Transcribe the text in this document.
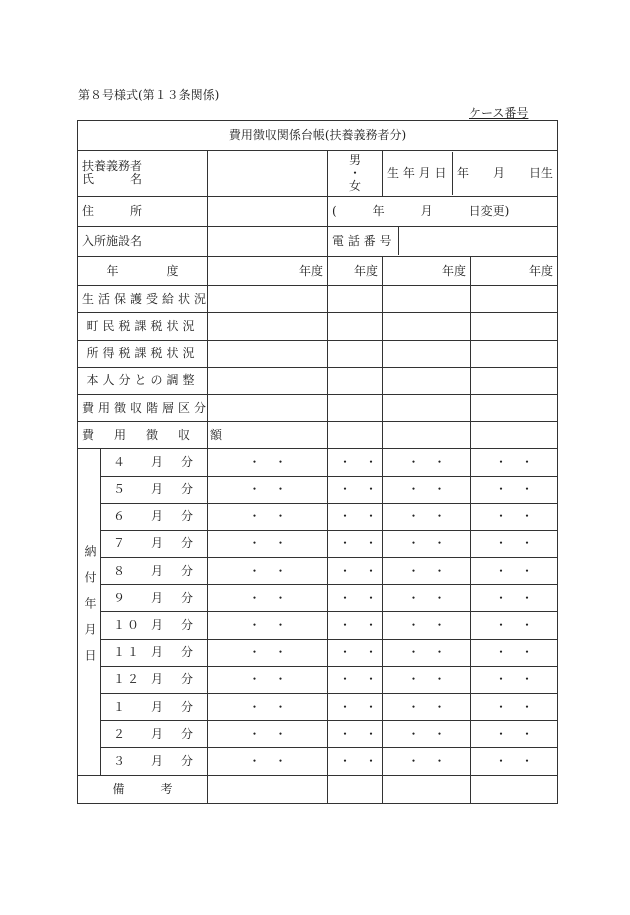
第８号様式(第１３条関係)
ケース番号
費用徴収関係台帳(扶養義務者分)					

扶養義務者
氏　　　名			男
・
女	生 年 月 日 年　　月　　日生	

住　　　所			(　　　年　　　月　　　日変更)		
入所施設名			電 話 番 号		

年　　　　度		年度	年度	年度	年度
生活保護受給状況					
町民税課税状況					
所得税課税状況					
本人分との調整					
費用徴収階層区分					
費　用　徴　収　額					
納付年月日	４ 月 分	・ ・	・ ・	・ ・	・ ・
	５ 月 分	・ ・	・ ・	・ ・	・ ・
	６ 月 分	・ ・	・ ・	・ ・	・ ・
	７ 月 分	・ ・	・ ・	・ ・	・ ・
	８ 月 分	・ ・	・ ・	・ ・	・ ・
	９ 月 分	・ ・	・ ・	・ ・	・ ・
	１０ 月 分	・ ・	・ ・	・ ・	・ ・
	１１ 月 分	・ ・	・ ・	・ ・	・ ・
	１２ 月 分	・ ・	・ ・	・ ・	・ ・
	１ 月 分	・ ・	・ ・	・ ・	・ ・
	２ 月 分	・ ・	・ ・	・ ・	・ ・
	３ 月 分	・ ・	・ ・	・ ・	・ ・
備　　　考					
